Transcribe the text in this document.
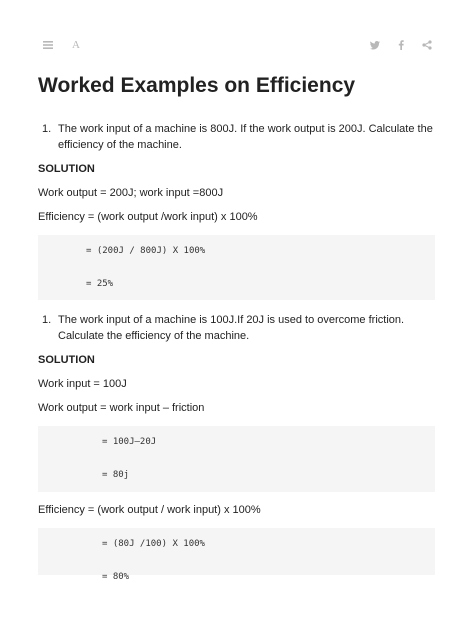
A
Worked Examples on Efficiency
1. The work input of a machine is 800J. If the work output is 200J. Calculate the efficiency of the machine.
SOLUTION
Work output = 200J; work input =800J
Efficiency = (work output /work input) x 100%
= (200J / 800J) X 100%
= 25%
1. The work input of a machine is 100J.If 20J is used to overcome friction. Calculate the efficiency of the machine.
SOLUTION
Work input = 100J
Work output = work input – friction
= 100J–20J
= 80j
Efficiency = (work output / work input) x 100%
= (80J /100) X 100%
= 80%
